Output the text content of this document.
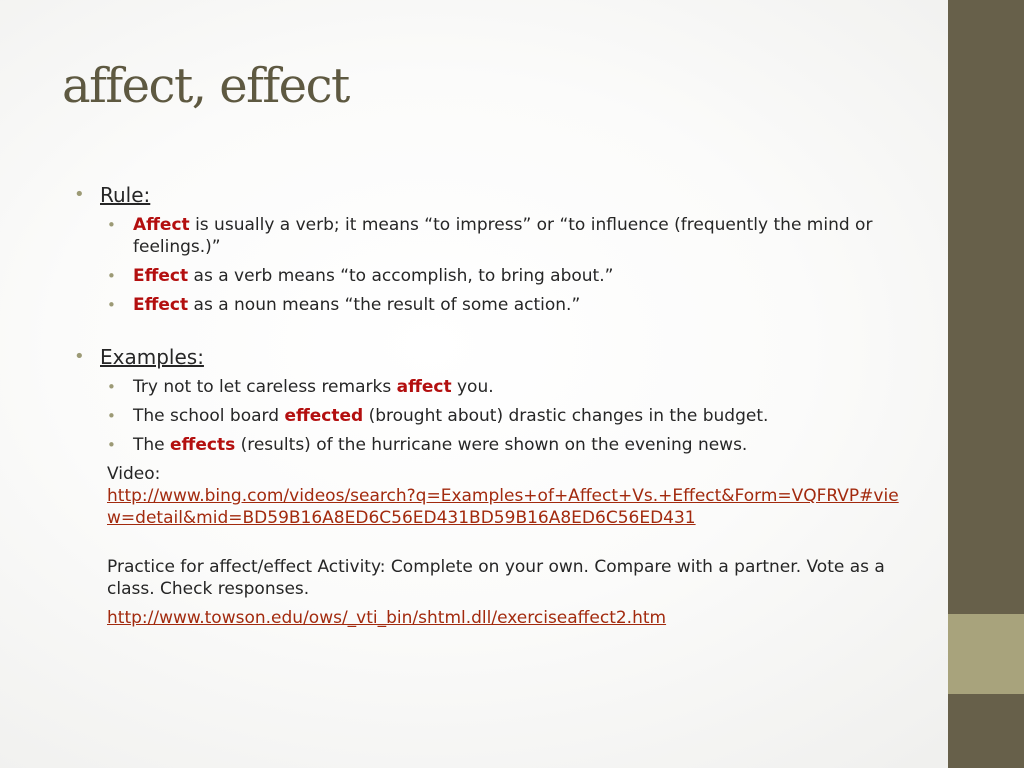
affect, effect
• Rule:
• Affect is usually a verb; it means “to impress” or “to influence (frequently the mind or feelings.)”
• Effect as a verb means “to accomplish, to bring about.”
• Effect as a noun means “the result of some action.”
• Examples:
• Try not to let careless remarks affect you.
• The school board effected (brought about) drastic changes in the budget.
• The effects (results) of the hurricane were shown on the evening news.
Video:
http://www.bing.com/videos/search?q=Examples+of+Affect+Vs.+Effect&Form=VQFRVP#view=detail&mid=BD59B16A8ED6C56ED431BD59B16A8ED6C56ED431
Practice for affect/effect Activity: Complete on your own. Compare with a partner. Vote as a class. Check responses.
http://www.towson.edu/ows/_vti_bin/shtml.dll/exerciseaffect2.htm
